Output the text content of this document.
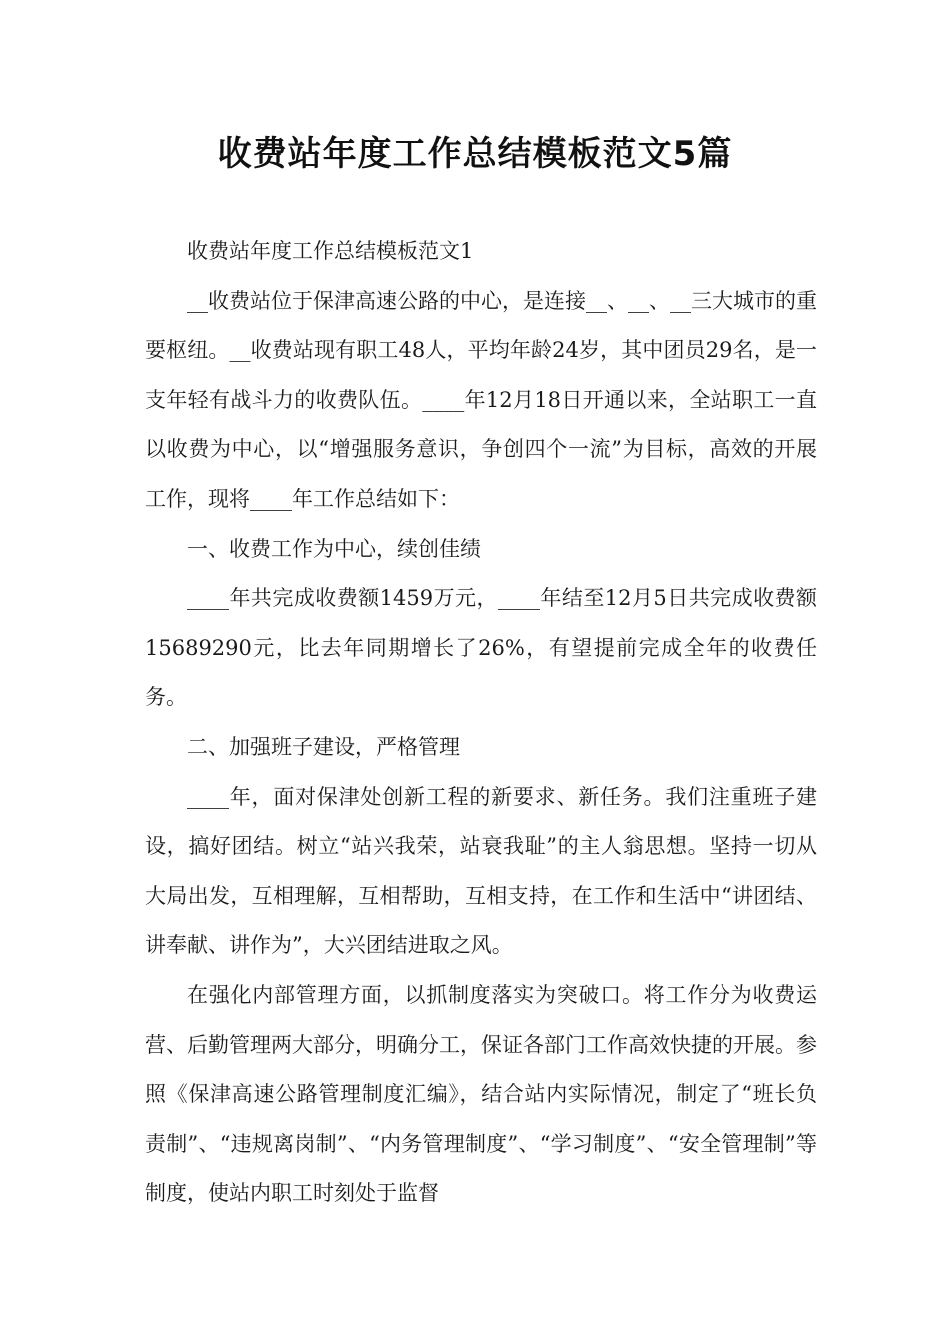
收费站年度工作总结模板范文5篇

收费站年度工作总结模板范文1

__收费站位于保津高速公路的中心，是连接__、__、__三大城市的重要枢纽。__收费站现有职工48人，平均年龄24岁，其中团员29名，是一支年轻有战斗力的收费队伍。____年12月18日开通以来，全站职工一直以收费为中心，以“增强服务意识，争创四个一流”为目标，高效的开展工作，现将____年工作总结如下：

一、收费工作为中心，续创佳绩

____年共完成收费额1459万元，____年结至12月5日共完成收费额15689290元，比去年同期增长了26%，有望提前完成全年的收费任务。

二、加强班子建设，严格管理

____年，面对保津处创新工程的新要求、新任务。我们注重班子建设，搞好团结。树立“站兴我荣，站衰我耻”的主人翁思想。坚持一切从大局出发，互相理解，互相帮助，互相支持，在工作和生活中“讲团结、讲奉献、讲作为”，大兴团结进取之风。

在强化内部管理方面，以抓制度落实为突破口。将工作分为收费运营、后勤管理两大部分，明确分工，保证各部门工作高效快捷的开展。参照《保津高速公路管理制度汇编》，结合站内实际情况，制定了“班长负责制”、“违规离岗制”、“内务管理制度”、“学习制度”、“安全管理制”等制度，使站内职工时刻处于监督
